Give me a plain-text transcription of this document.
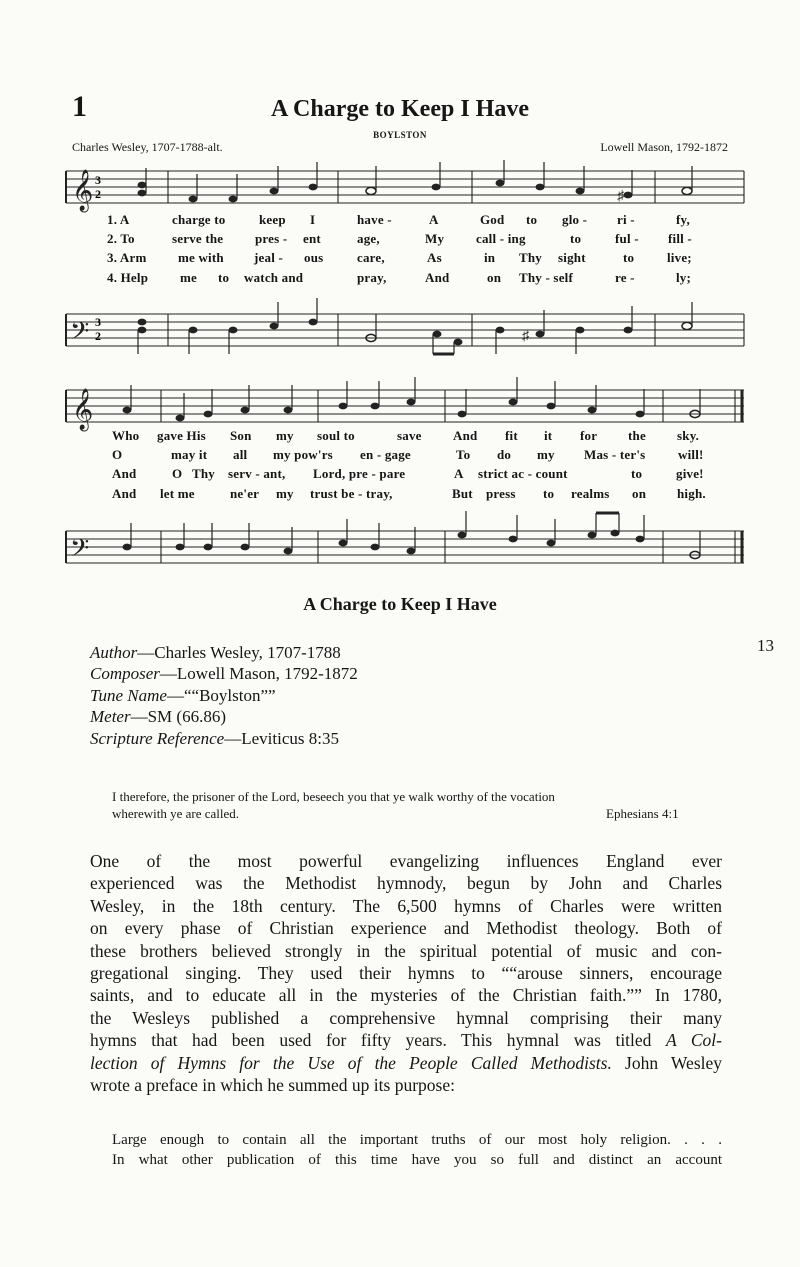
1	A Charge to Keep I Have
BOYLSTON
Charles Wesley, 1707-1788-alt.	Lowell Mason, 1792-1872
𝄞 3
2	♯
1. A	charge to	keep I	have -	A	God to glo - ri -	fy,
2. To	serve the pres - ent	age,	My call - ing	to	ful - fill -
3. Arm me with jeal - ous	care,	As	in Thy sight	to	live;
4. Help me to watch and	pray,	And	on Thy - self	re -	ly;
𝄢 3
2	♯
𝄞
Who gave His Son my soul to	save And fit it for the sky.
O	may it all my pow'rs en - gage	To do my Mas - ter's	will!
And	O Thy serv - ant, Lord, pre - pare	A strict ac - count	to	give!
And let me	ne'er my trust be - tray,	But press to realms on high.
𝄢
A Charge to Keep I Have
13
Author—Charles Wesley, 1707-1788
Composer—Lowell Mason, 1792-1872
Tune Name—““Boylston””
Meter—SM (66.86)
Scripture Reference—Leviticus 8:35
I therefore, the prisoner of the Lord, beseech you that ye walk worthy of the vocation
wherewith ye are called.	Ephesians 4:1
One of the most powerful evangelizing influences England ever
experienced was the Methodist hymnody, begun by John and Charles
Wesley, in the 18th century. The 6,500 hymns of Charles were written
on every phase of Christian experience and Methodist theology. Both of
these brothers believed strongly in the spiritual potential of music and con-
gregational singing. They used their hymns to ““arouse sinners, encourage
saints, and to educate all in the mysteries of the Christian faith.”” In 1780,
the Wesleys published a comprehensive hymnal comprising their many
hymns that had been used for fifty years. This hymnal was titled A Col-
lection of Hymns for the Use of the People Called Methodists. John Wesley
wrote a preface in which he summed up its purpose:
Large enough to contain all the important truths of our most holy religion. . . .
In what other publication of this time have you so full and distinct an account
